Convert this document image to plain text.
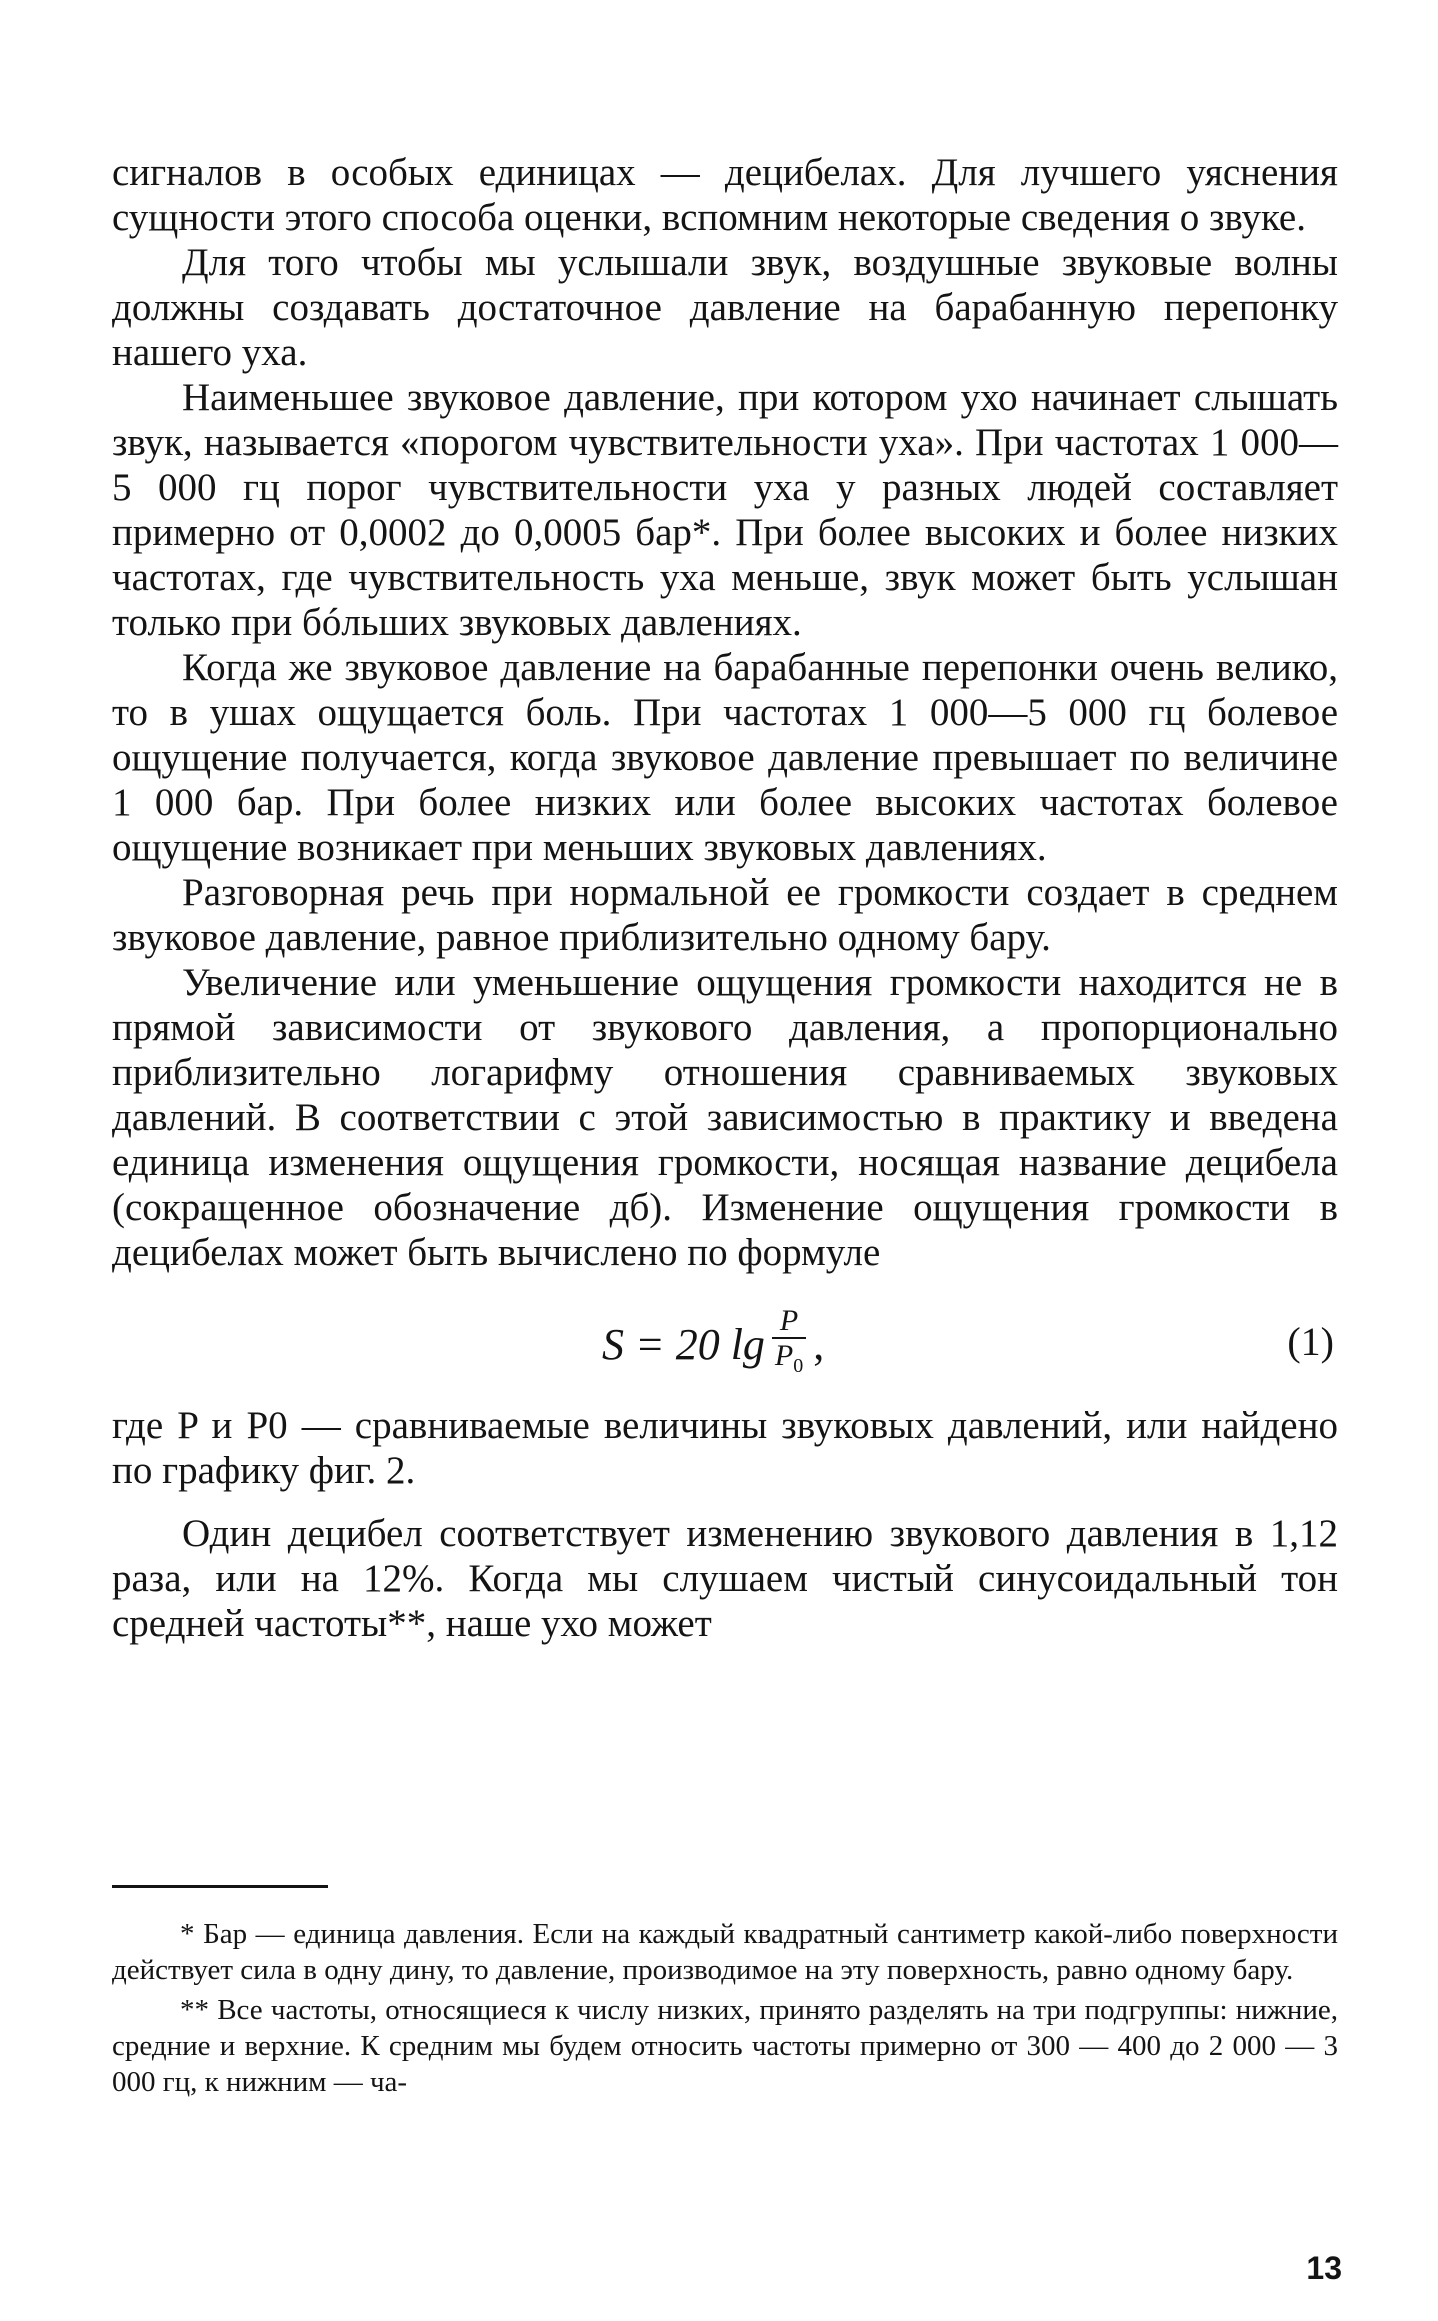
сигналов в особых единицах — децибелах. Для лучшего уяснения сущности этого способа оценки, вспомним некоторые сведения о звуке.

Для того чтобы мы услышали звук, воздушные звуковые волны должны создавать достаточное давление на барабанную перепонку нашего уха.

Наименьшее звуковое давление, при котором ухо начинает слышать звук, называется «порогом чувствительности уха». При частотах 1 000—5 000 гц порог чувствительности уха у разных людей составляет примерно от 0,0002 до 0,0005 бар*. При более высоких и более низких частотах, где чувствительность уха меньше, звук может быть услышан только при бóльших звуковых давлениях.

Когда же звуковое давление на барабанные перепонки очень велико, то в ушах ощущается боль. При частотах 1 000—5 000 гц болевое ощущение получается, когда звуковое давление превышает по величине 1 000 бар. При более низких или более высоких частотах болевое ощущение возникает при меньших звуковых давлениях.

Разговорная речь при нормальной ее громкости создает в среднем звуковое давление, равное приблизительно одному бару.

Увеличение или уменьшение ощущения громкости находится не в прямой зависимости от звукового давления, а пропорционально приблизительно логарифму отношения сравниваемых звуковых давлений. В соответствии с этой зависимостью в практику и введена единица изменения ощущения громкости, носящая название децибела (сокращенное обозначение дб). Изменение ощущения громкости в децибелах может быть вычислено по формуле

S = 20 $\lg \frac{P}{P_0}$ ,	(1)

где P и P0 — сравниваемые величины звуковых давлений, или найдено по графику фиг. 2.

Один децибел соответствует изменению звукового давления в 1,12 раза, или на 12%. Когда мы слушаем чистый синусоидальный тон средней частоты**, наше ухо может

* Бар — единица давления. Если на каждый квадратный сантиметр какой-либо поверхности действует сила в одну дину, то давление, производимое на эту поверхность, равно одному бару.

** Все частоты, относящиеся к числу низких, принято разделять на три подгруппы: нижние, средние и верхние. К средним мы будем относить частоты примерно от 300 — 400 до 2 000 — 3 000 гц, к нижним — ча-

13
